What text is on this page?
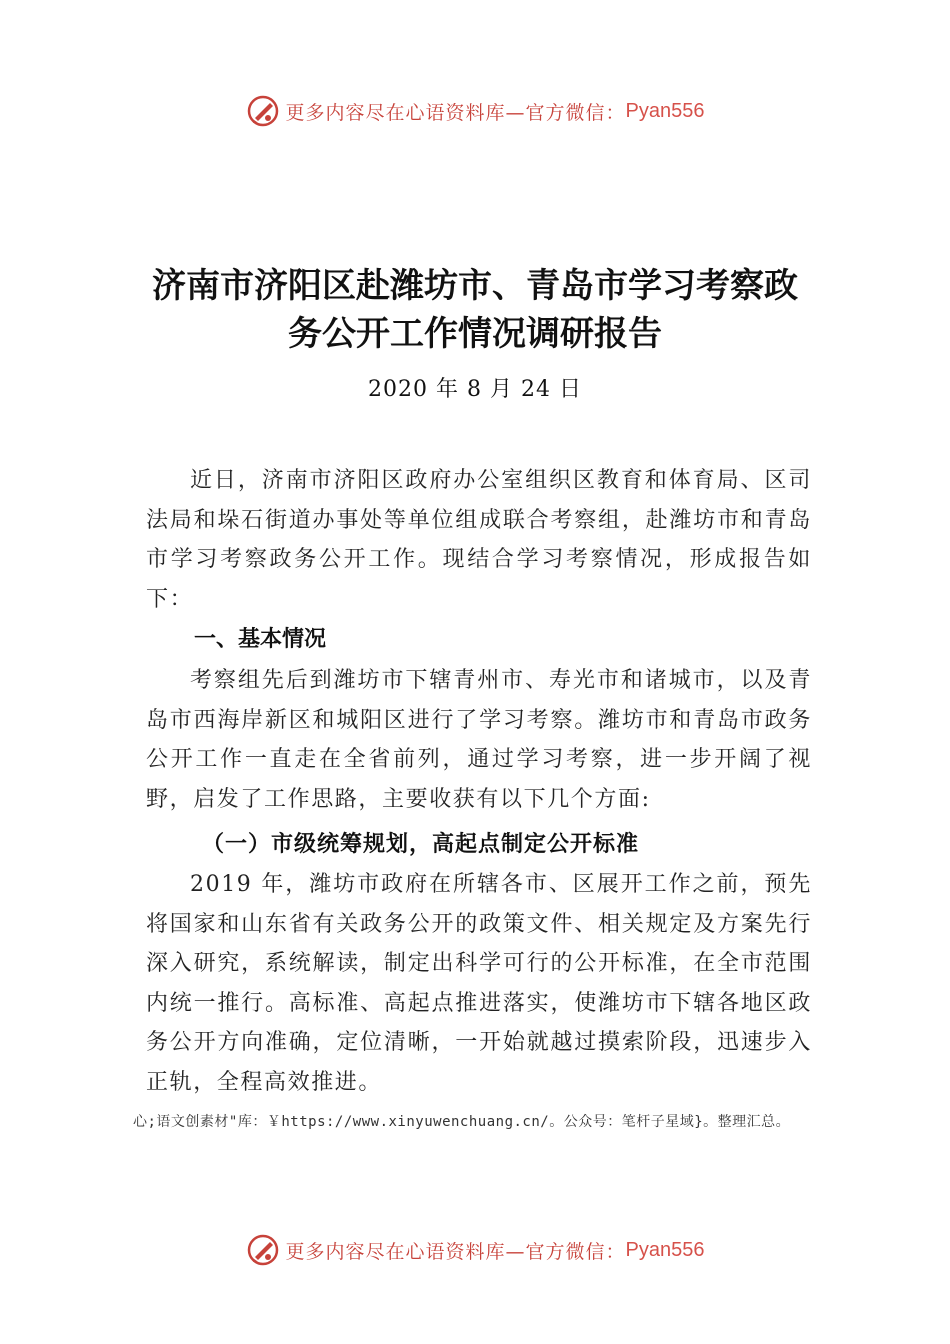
更多内容尽在心语资料库— 官方微信： Pyan556
济南市济阳区赴潍坊市、青岛市学习考察政
务公开工作情况调研报告
2020 年 8 月 24 日

近日，济南市济阳区政府办公室组织区教育和体育局、区司法局和垛石街道办事处等单位组成联合考察组，赴潍坊市和青岛市学习考察政务公开工作。现结合学习考察情况，形成报告如下：

一、基本情况

考察组先后到潍坊市下辖青州市、寿光市和诸城市，以及青岛市西海岸新区和城阳区进行了学习考察。潍坊市和青岛市政务公开工作一直走在全省前列，通过学习考察，进一步开阔了视野，启发了工作思路，主要收获有以下几个方面:

（一）市级统筹规划，高起点制定公开标准

2019 年，潍坊市政府在所辖各市、区展开工作之前，预先将国家和山东省有关政务公开的政策文件、相关规定及方案先行深入研究，系统解读，制定出科学可行的公开标准，在全市范围内统一推行。高标准、高起点推进落实，使潍坊市下辖各地区政务公开方向准确，定位清晰，一开始就越过摸索阶段，迅速步入正轨，全程高效推进。

心;语文创素材"库：￥https://www.xinyuwenchuang.cn/。公众号：笔杆子星域}。整理汇总。
更多内容尽在心语资料库— 官方微信： Pyan556
